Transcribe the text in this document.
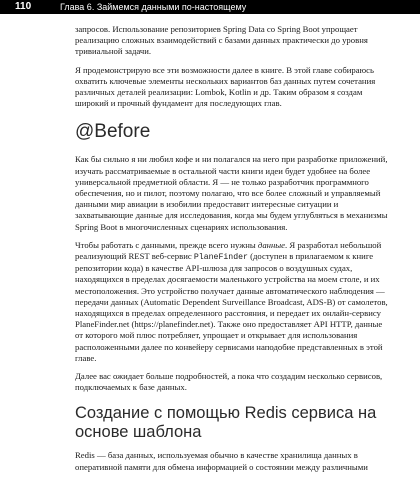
110	Глава 6. Займемся данными по-настоящему

запросов. Использование репозиториев Spring Data со Spring Boot упрощает реализацию сложных взаимодействий с базами данных практически до уровня тривиальной задачи.

Я продемонстрирую все эти возможности далее в книге. В этой главе собираюсь охватить ключевые элементы нескольких вариантов баз данных путем сочетания различных деталей реализации: Lombok, Kotlin и др. Таким образом я создам широкий и прочный фундамент для последующих глав.

@Before

Как бы сильно я ни любил кофе и ни полагался на него при разработке приложений, изучать рассматриваемые в остальной части книги идеи будет удобнее на более универсальной предметной области. Я — не только разработчик программного обеспечения, но и пилот, поэтому полагаю, что все более сложный и управляемый данными мир авиации в изобилии предоставит интересные ситуации и захватывающие данные для исследования, когда мы будем углубляться в механизмы Spring Boot в многочисленных сценариях использования.

Чтобы работать с данными, прежде всего нужны данные. Я разработал небольшой реализующий REST веб-сервис PlaneFinder (доступен в прилагаемом к книге репозитории кода) в качестве API-шлюза для запросов о воздушных судах, находящихся в пределах досягаемости маленького устройства на моем столе, и их местоположения. Это устройство получает данные автоматического наблюдения — передачи данных (Automatic Dependent Surveillance Broadcast, ADS-B) от самолетов, находящихся в пределах определенного расстояния, и передает их онлайн-сервису PlaneFinder.net (https://planefinder.net). Также оно предоставляет API HTTP, данные от которого мой плюс потребляет, упрощает и открывает для использования расположенными далее по конвейеру сервисами наподобие представленных в этой главе.

Далее вас ожидает больше подробностей, а пока что создадим несколько сервисов, подключаемых к базе данных.

Создание с помощью Redis сервиса на основе шаблона

Redis — база данных, используемая обычно в качестве хранилища данных в оперативной памяти для обмена информацией о состоянии между различными
